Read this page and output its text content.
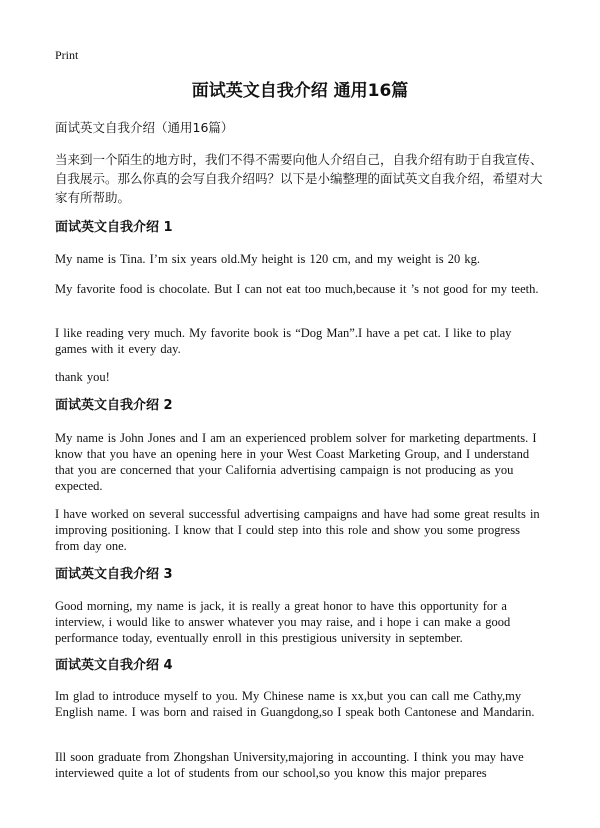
Print
面试英文自我介绍 通用16篇

面试英文自我介绍（通用16篇）

当来到一个陌生的地方时，我们不得不需要向他人介绍自己，自我介绍有助于自我宣传、自我展示。那么你真的会写自我介绍吗？以下是小编整理的面试英文自我介绍，希望对大家有所帮助。

面试英文自我介绍 1

My name is Tina. I’m six years old.My height is 120 cm, and my weight is 20 kg.

My favorite food is chocolate. But I can not eat too much,because it ’s not good for my teeth.

I like reading very much. My favorite book is “Dog Man”.I have a pet cat. I like to play games with it every day.

thank you!

面试英文自我介绍 2

My name is John Jones and I am an experienced problem solver for marketing departments. I know that you have an opening here in your West Coast Marketing Group, and I understand that you are concerned that your California advertising campaign is not producing as you expected.

I have worked on several successful advertising campaigns and have had some great results in improving positioning. I know that I could step into this role and show you some progress from day one.

面试英文自我介绍 3

Good morning, my name is jack, it is really a great honor to have this opportunity for a interview, i would like to answer whatever you may raise, and i hope i can make a good performance today, eventually enroll in this prestigious university in september.

面试英文自我介绍 4

Im glad to introduce myself to you. My Chinese name is xx,but you can call me Cathy,my English name. I was born and raised in Guangdong,so I speak both Cantonese and Mandarin.

Ill soon graduate from Zhongshan University,majoring in accounting. I think you may have interviewed quite a lot of students from our school,so you know this major prepares
